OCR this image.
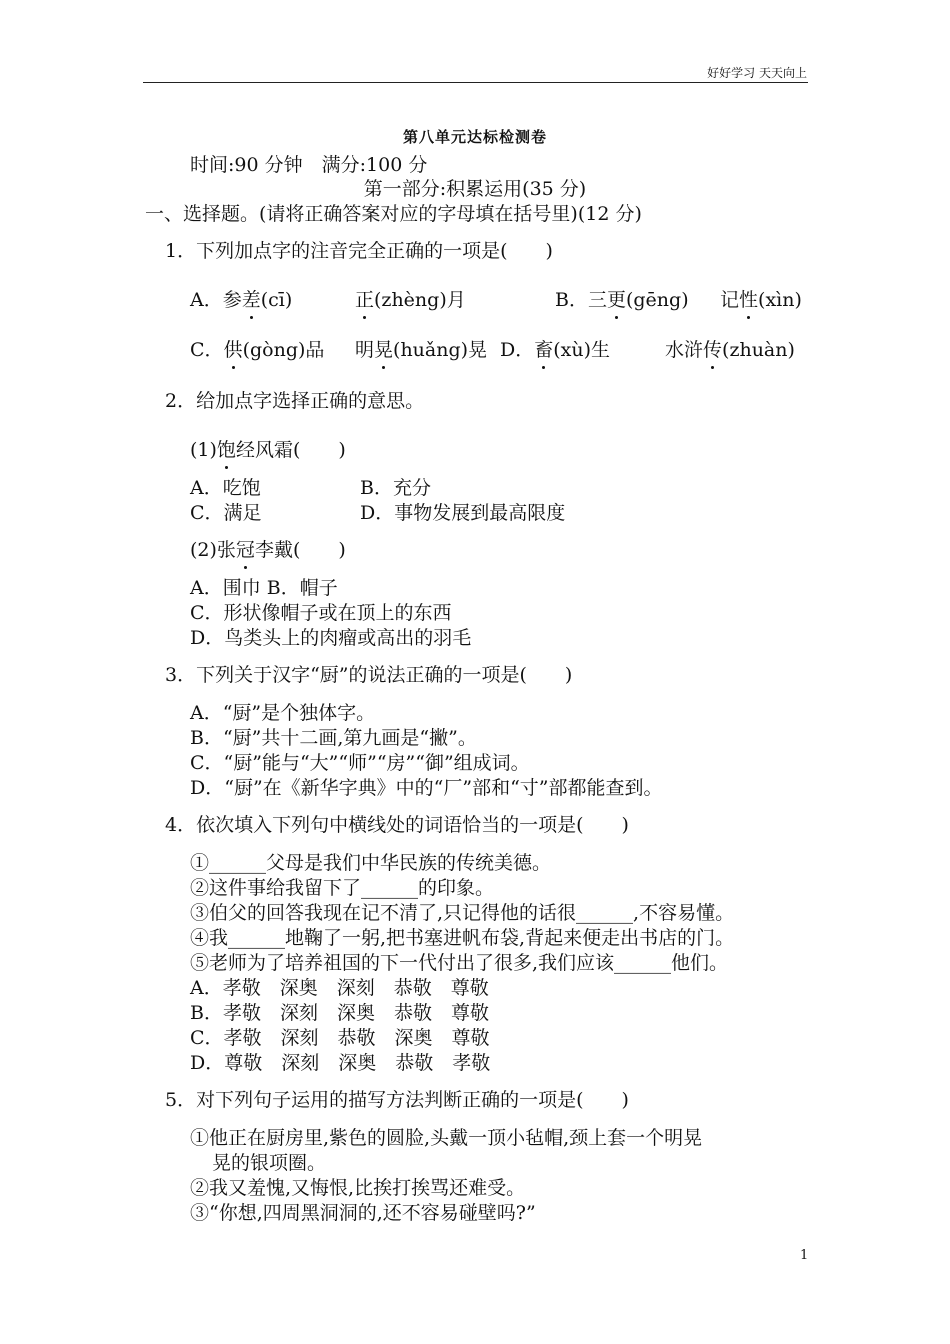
好好学习 天天向上
第八单元达标检测卷
时间:90 分钟　满分:100 分
第一部分:积累运用(35 分)
一、选择题。(请将正确答案对应的字母填在括号里)(12 分)
1．下列加点字的注音完全正确的一项是(　　)
A．参差(cī)	正(zhèng)月	B．三更(gēng) 记性(xìn)
C．供(gòng)品 明晃(huǎng)晃 D．畜(xù)生	水浒传(zhuàn)
2．给加点字选择正确的意思。
(1)饱经风霜(　　)
A．吃饱	B．充分
C．满足	D．事物发展到最高限度
(2)张冠李戴(　　)
A．围巾 B．帽子
C．形状像帽子或在顶上的东西
D．鸟类头上的肉瘤或高出的羽毛
3．下列关于汉字“厨”的说法正确的一项是(　　)
A．“厨”是个独体字。
B．“厨”共十二画,第九画是“撇”。
C．“厨”能与“大”“师”“房”“御”组成词。
D．“厨”在《新华字典》中的“厂”部和“寸”部都能查到。
4．依次填入下列句中横线处的词语恰当的一项是(　　)
①______父母是我们中华民族的传统美德。
②这件事给我留下了______的印象。
③伯父的回答我现在记不清了,只记得他的话很______,不容易懂。
④我______地鞠了一躬,把书塞进帆布袋,背起来便走出书店的门。
⑤老师为了培养祖国的下一代付出了很多,我们应该______他们。
A．孝敬　深奥　深刻　恭敬　尊敬
B．孝敬　深刻　深奥　恭敬　尊敬
C．孝敬　深刻　恭敬　深奥　尊敬
D．尊敬　深刻　深奥　恭敬　孝敬
5．对下列句子运用的描写方法判断正确的一项是(　　)
①他正在厨房里,紫色的圆脸,头戴一顶小毡帽,颈上套一个明晃
晃的银项圈。
②我又羞愧,又悔恨,比挨打挨骂还难受。
③“你想,四周黑洞洞的,还不容易碰壁吗?”
1
